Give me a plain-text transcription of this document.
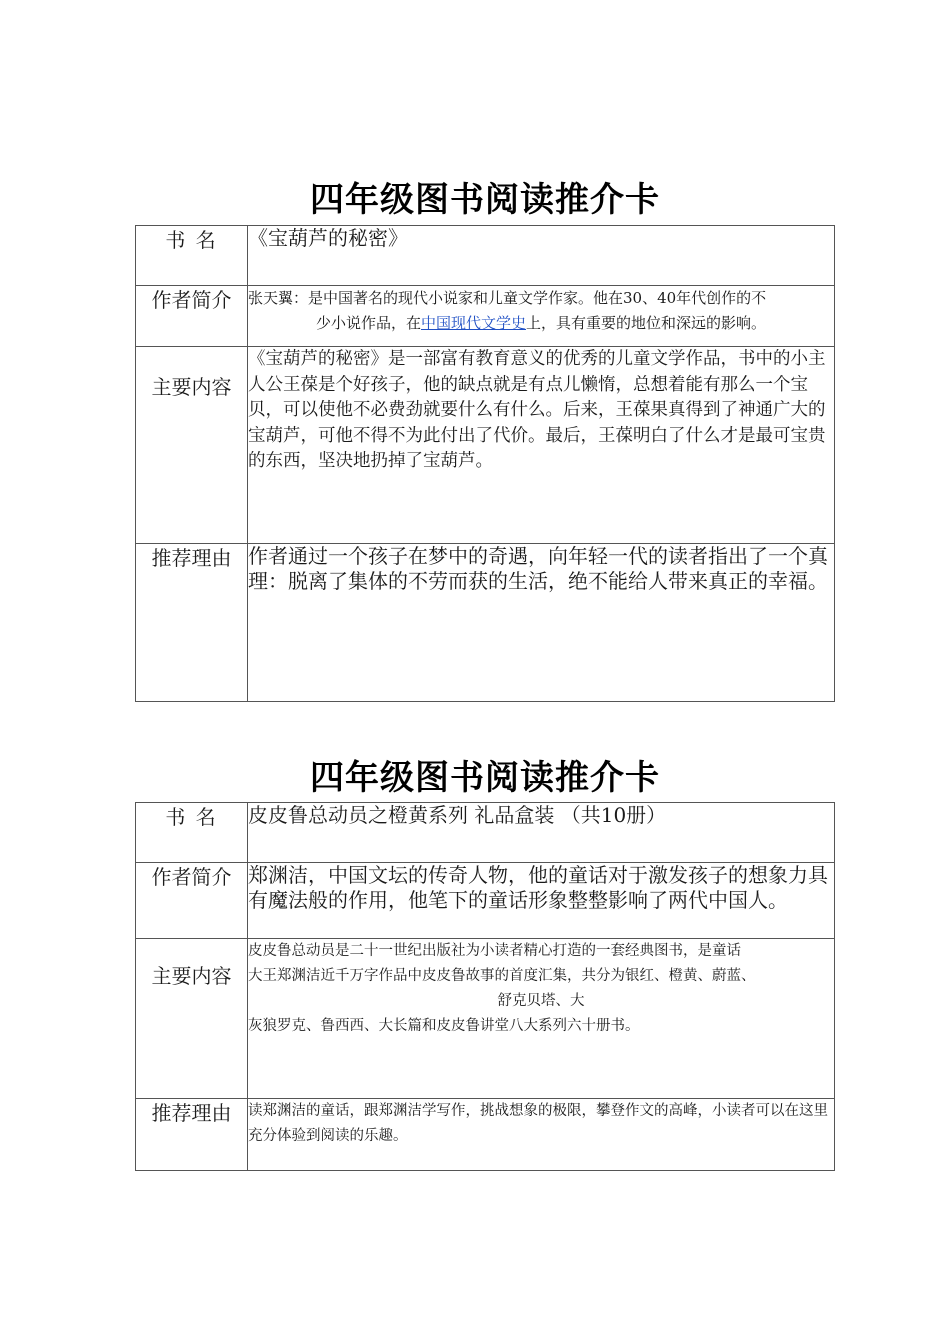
四年级图书阅读推介卡
书 名	《宝葫芦的秘密》
作者简介	张天翼：是中国著名的现代小说家和儿童文学作家。他在30、40年代创作的不
少小说作品，在中国现代文学史上，具有重要的地位和深远的影响。

主要内容	《宝葫芦的秘密》是一部富有教育意义的优秀的儿童文学作品，书中的小主人公王葆是个好孩子，他的缺点就是有点儿懒惰，总想着能有那么一个宝贝，可以使他不必费劲就要什么有什么。后来，王葆果真得到了神通广大的宝葫芦，可他不得不为此付出了代价。最后，王葆明白了什么才是最可宝贵的东西，坚决地扔掉了宝葫芦。
推荐理由	作者通过一个孩子在梦中的奇遇，向年轻一代的读者指出了一个真理：脱离了集体的不劳而获的生活，绝不能给人带来真正的幸福。
四年级图书阅读推介卡
书 名	皮皮鲁总动员之橙黄系列 礼品盒装 （共10册）
作者简介	郑渊洁，中国文坛的传奇人物，他的童话对于激发孩子的想象力具有魔法般的作用，他笔下的童话形象整整影响了两代中国人。
主要内容	皮皮鲁总动员是二十一世纪出版社为小读者精心打造的一套经典图书，是童话
大王郑渊洁近千万字作品中皮皮鲁故事的首度汇集，共分为银红、橙黄、蔚蓝、
舒克贝塔、大
灰狼罗克、鲁西西、大长篇和皮皮鲁讲堂八大系列六十册书。

推荐理由	读郑渊洁的童话，跟郑渊洁学写作，挑战想象的极限，攀登作文的高峰，小读者可以在这里充分体验到阅读的乐趣。
